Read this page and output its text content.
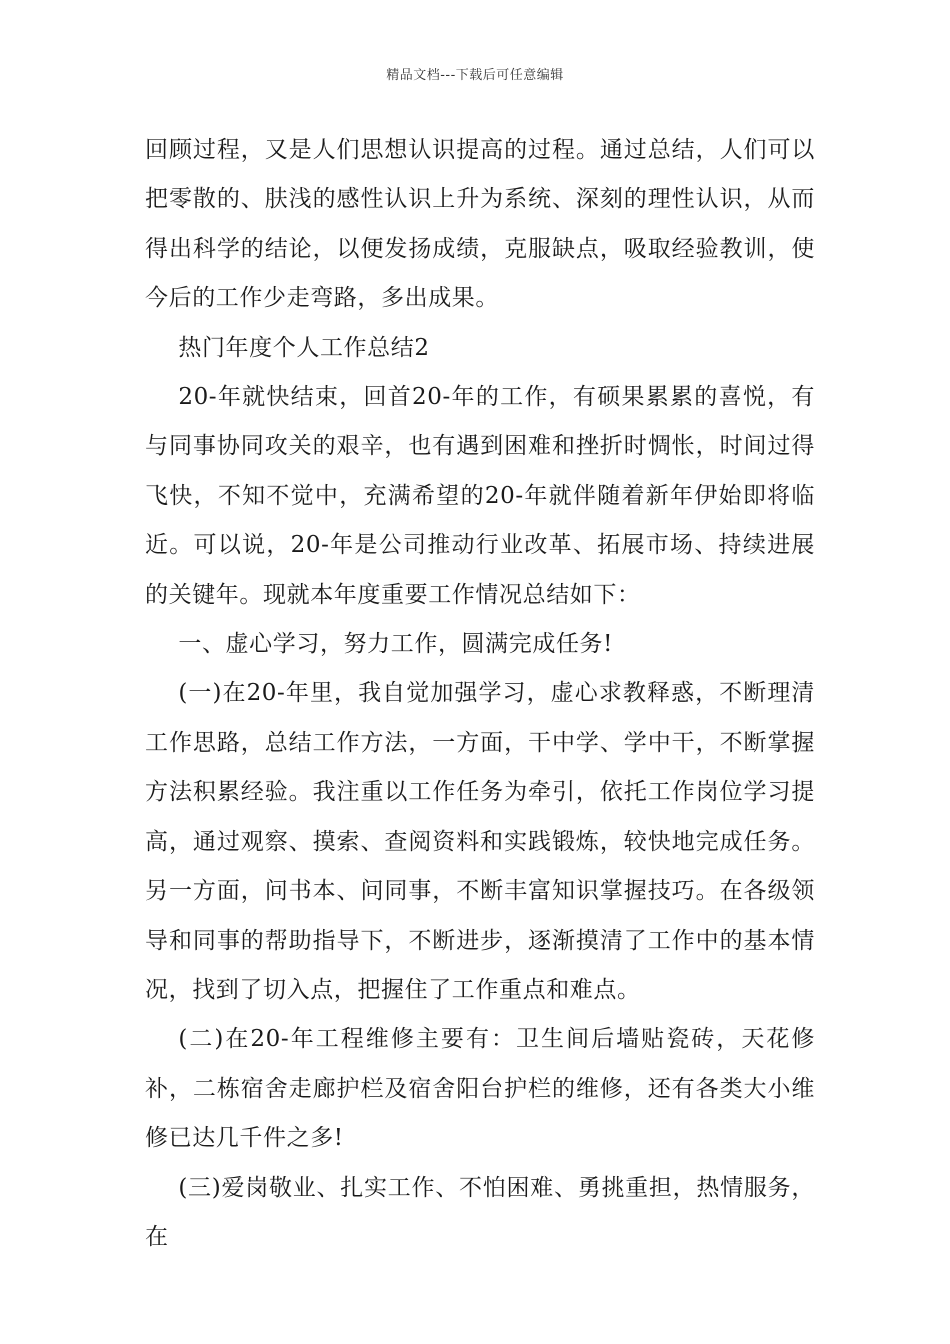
精品文档---下载后可任意编辑

回顾过程，又是人们思想认识提高的过程。通过总结，人们可以把零散的、肤浅的感性认识上升为系统、深刻的理性认识，从而得出科学的结论，以便发扬成绩，克服缺点，吸取经验教训，使今后的工作少走弯路，多出成果。

热门年度个人工作总结2

20-年就快结束，回首20-年的工作，有硕果累累的喜悦，有与同事协同攻关的艰辛，也有遇到困难和挫折时惆怅，时间过得飞快，不知不觉中，充满希望的20-年就伴随着新年伊始即将临近。可以说，20-年是公司推动行业改革、拓展市场、持续进展的关键年。现就本年度重要工作情况总结如下：

一、虚心学习，努力工作，圆满完成任务!

(一)在20-年里，我自觉加强学习，虚心求教释惑，不断理清工作思路，总结工作方法，一方面，干中学、学中干，不断掌握方法积累经验。我注重以工作任务为牵引，依托工作岗位学习提高，通过观察、摸索、查阅资料和实践锻炼，较快地完成任务。另一方面，问书本、问同事，不断丰富知识掌握技巧。在各级领导和同事的帮助指导下，不断进步，逐渐摸清了工作中的基本情况，找到了切入点，把握住了工作重点和难点。

(二)在20-年工程维修主要有：卫生间后墙贴瓷砖，天花修补，二栋宿舍走廊护栏及宿舍阳台护栏的维修，还有各类大小维修已达几千件之多!

(三)爱岗敬业、扎实工作、不怕困难、勇挑重担，热情服务，在
